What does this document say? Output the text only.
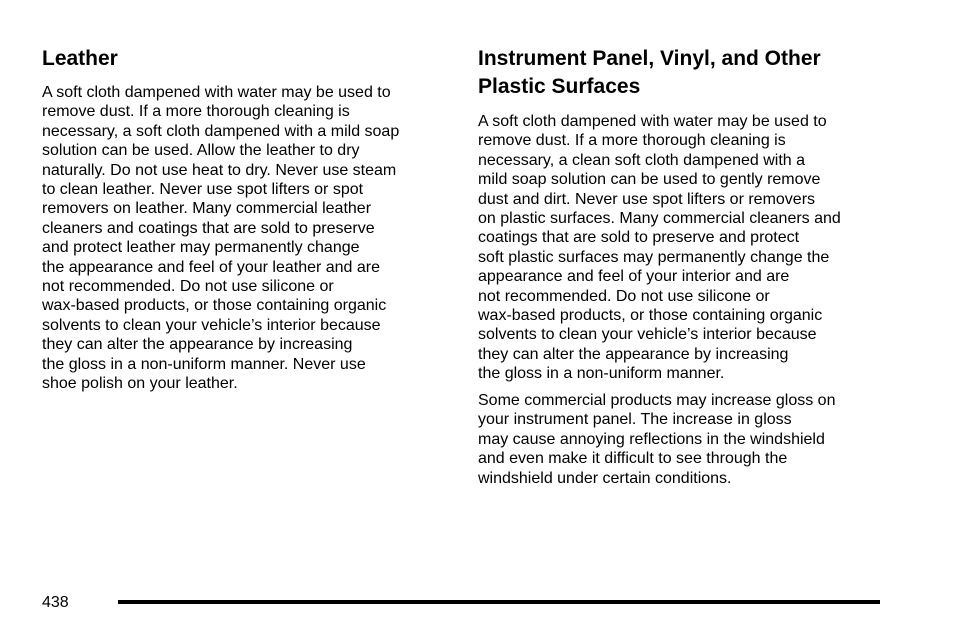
Leather

A soft cloth dampened with water may be used to
remove dust. If a more thorough cleaning is
necessary, a soft cloth dampened with a mild soap
solution can be used. Allow the leather to dry
naturally. Do not use heat to dry. Never use steam
to clean leather. Never use spot lifters or spot
removers on leather. Many commercial leather
cleaners and coatings that are sold to preserve
and protect leather may permanently change
the appearance and feel of your leather and are
not recommended. Do not use silicone or
wax-based products, or those containing organic
solvents to clean your vehicle’s interior because
they can alter the appearance by increasing
the gloss in a non-uniform manner. Never use
shoe polish on your leather.

Instrument Panel, Vinyl, and Other
Plastic Surfaces

A soft cloth dampened with water may be used to
remove dust. If a more thorough cleaning is
necessary, a clean soft cloth dampened with a
mild soap solution can be used to gently remove
dust and dirt. Never use spot lifters or removers
on plastic surfaces. Many commercial cleaners and
coatings that are sold to preserve and protect
soft plastic surfaces may permanently change the
appearance and feel of your interior and are
not recommended. Do not use silicone or
wax-based products, or those containing organic
solvents to clean your vehicle’s interior because
they can alter the appearance by increasing
the gloss in a non-uniform manner.

Some commercial products may increase gloss on
your instrument panel. The increase in gloss
may cause annoying reflections in the windshield
and even make it difficult to see through the
windshield under certain conditions.

438
